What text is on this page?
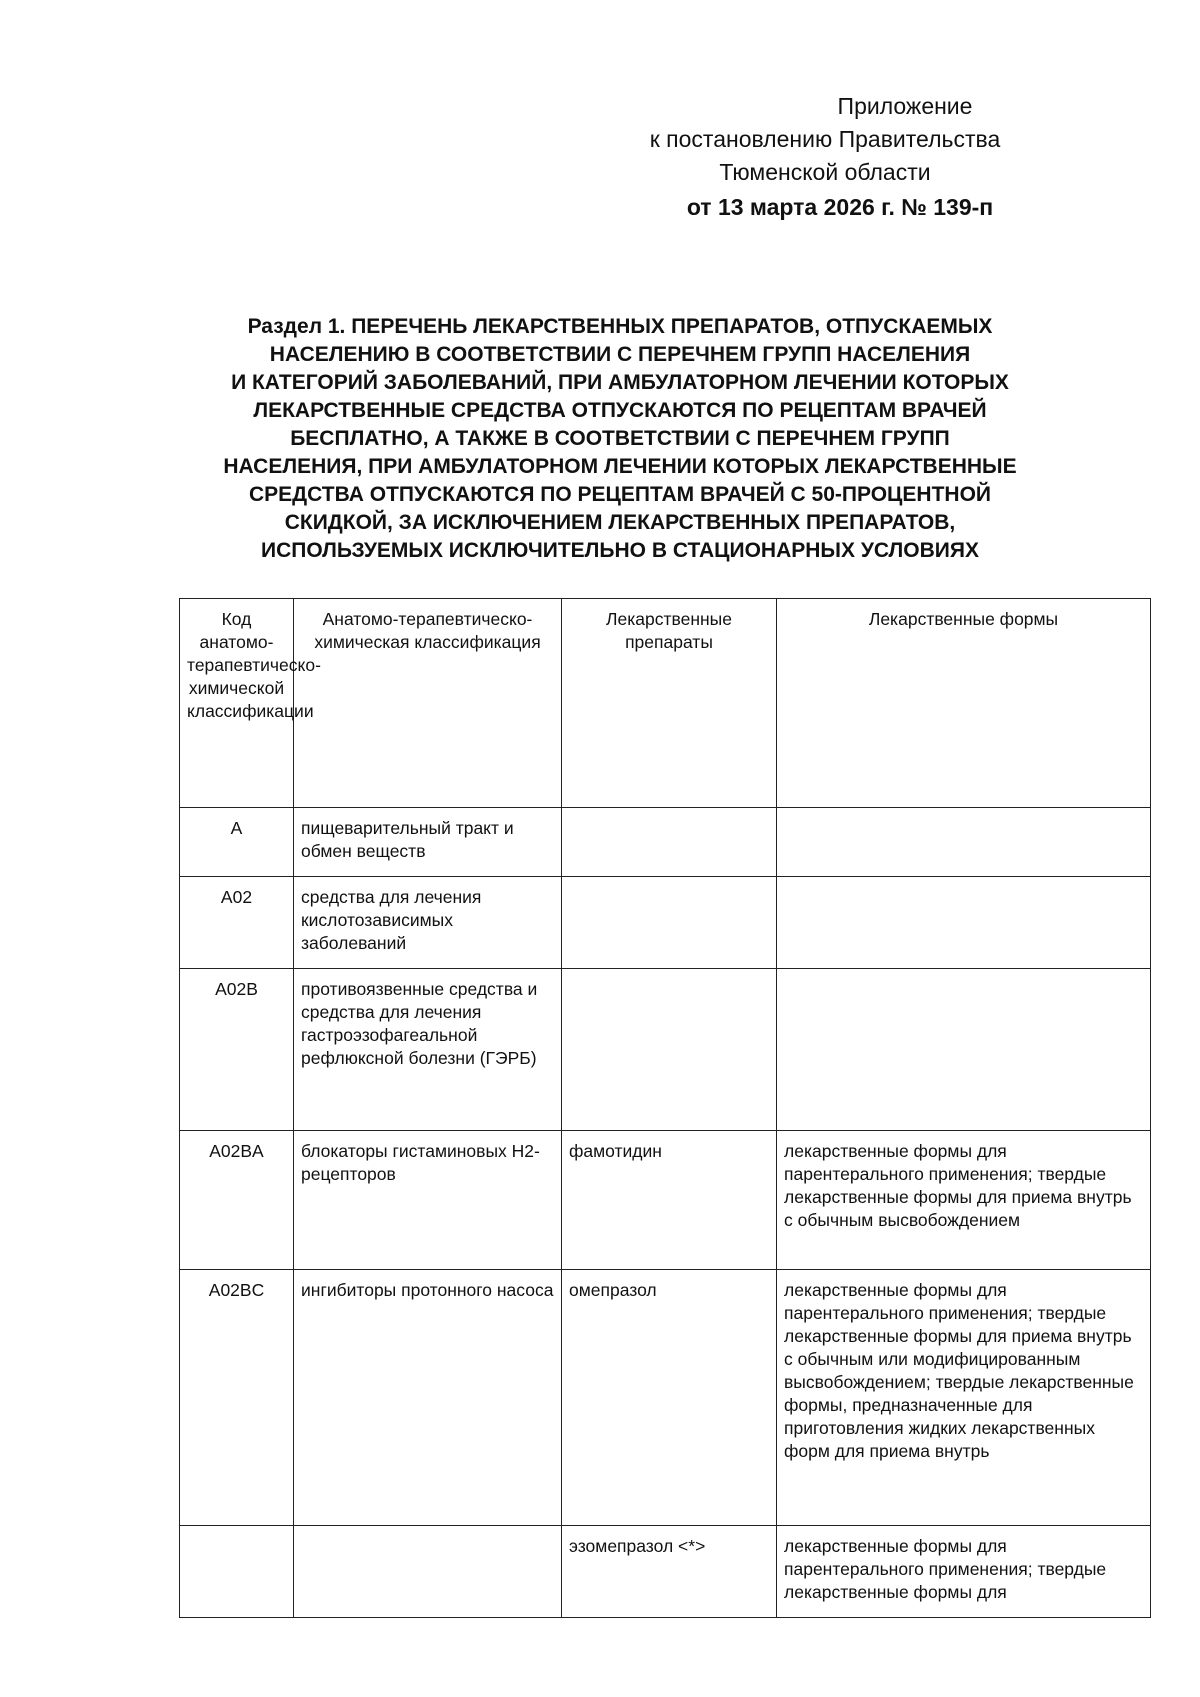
Приложение
к постановлению Правительства
Тюменской области
от 13 марта 2026 г. № 139-п
Раздел 1. ПЕРЕЧЕНЬ ЛЕКАРСТВЕННЫХ ПРЕПАРАТОВ, ОТПУСКАЕМЫХ
НАСЕЛЕНИЮ В СООТВЕТСТВИИ С ПЕРЕЧНЕМ ГРУПП НАСЕЛЕНИЯ
И КАТЕГОРИЙ ЗАБОЛЕВАНИЙ, ПРИ АМБУЛАТОРНОМ ЛЕЧЕНИИ КОТОРЫХ
ЛЕКАРСТВЕННЫЕ СРЕДСТВА ОТПУСКАЮТСЯ ПО РЕЦЕПТАМ ВРАЧЕЙ
БЕСПЛАТНО, А ТАКЖЕ В СООТВЕТСТВИИ С ПЕРЕЧНЕМ ГРУПП
НАСЕЛЕНИЯ, ПРИ АМБУЛАТОРНОМ ЛЕЧЕНИИ КОТОРЫХ ЛЕКАРСТВЕННЫЕ
СРЕДСТВА ОТПУСКАЮТСЯ ПО РЕЦЕПТАМ ВРАЧЕЙ С 50-ПРОЦЕНТНОЙ
СКИДКОЙ, ЗА ИСКЛЮЧЕНИЕМ ЛЕКАРСТВЕННЫХ ПРЕПАРАТОВ,
ИСПОЛЬЗУЕМЫХ ИСКЛЮЧИТЕЛЬНО В СТАЦИОНАРНЫХ УСЛОВИЯХ
Код анатомо-терапевтическо-химической классификации	Анатомо-терапевтическо-химическая классификация	Лекарственные препараты	Лекарственные формы
A	пищеварительный тракт и обмен веществ		
A02	средства для лечения кислотозависимых заболеваний		
A02B	противоязвенные средства и средства для лечения гастроэзофагеальной рефлюксной болезни (ГЭРБ)		
A02BA	блокаторы гистаминовых H2-рецепторов	фамотидин	лекарственные формы для парентерального применения; твердые лекарственные формы для приема внутрь с обычным высвобождением
A02BC	ингибиторы протонного насоса	омепразол	лекарственные формы для парентерального применения; твердые лекарственные формы для приема внутрь с обычным или модифицированным высвобождением; твердые лекарственные формы, предназначенные для приготовления жидких лекарственных форм для приема внутрь
		эзомепразол <*>	лекарственные формы для парентерального применения; твердые лекарственные формы для
